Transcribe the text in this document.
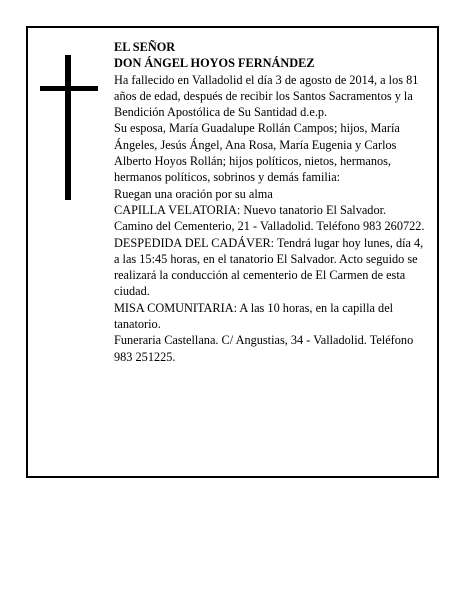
EL SEÑOR

DON ÁNGEL HOYOS FERNÁNDEZ

Ha fallecido en Valladolid el día 3 de agosto de 2014, a los 81 años de edad, después de recibir los Santos Sacramentos y la Bendición Apostólica de Su Santidad d.e.p.

Su esposa, María Guadalupe Rollán Campos; hijos, María Ángeles, Jesús Ángel, Ana Rosa, María Eugenia y Carlos Alberto Hoyos Rollán; hijos políticos, nietos, hermanos, hermanos políticos, sobrinos y demás familia:

Ruegan una oración por su alma

CAPILLA VELATORIA: Nuevo tanatorio El Salvador. Camino del Cementerio, 21 - Valladolid. Teléfono 983 260722.

DESPEDIDA DEL CADÁVER: Tendrá lugar hoy lunes, día 4, a las 15:45 horas, en el tanatorio El Salvador. Acto seguido se realizará la conducción al cementerio de El Carmen de esta ciudad.

MISA COMUNITARIA: A las 10 horas, en la capilla del tanatorio.

Funeraria Castellana. C/ Angustias, 34 - Valladolid. Teléfono 983 251225.
